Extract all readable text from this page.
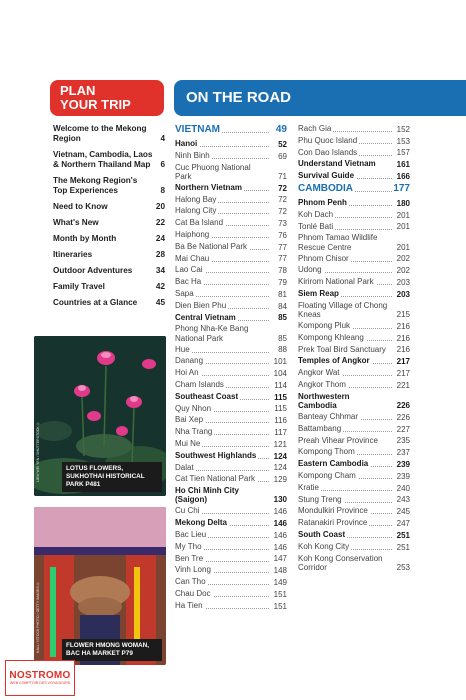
PLAN
YOUR TRIP	ON THE ROAD
Welcome to the Mekong Region	4
Vietnam, Cambodia, Laos & Northern Thailand Map	6
The Mekong Region's Top Experiences	8
Need to Know	20
What's New	22
Month by Month	24
Itineraries	28
Outdoor Adventures	34
Family Travel	42
Countries at a Glance	45
LIEW WEI YEN / SHUTTERSTOCK ©	LOTUS FLOWERS, SUKHOTHAI HISTORICAL PARK P481
KALL / ISTOCK PHOTO / GETTY IMAGES ©	FLOWER HMONG WOMAN, BAC HA MARKET P79
VIETNAM	49
Hanoi	52
Ninh Binh	69
Cuc Phuong National Park	71
Northern Vietnam	72
Halong Bay	72
Halong City	72
Cat Ba Island	73
Haiphong	76
Ba Be National Park	77
Mai Chau	77
Lao Cai	78
Bac Ha	79
Sapa	81
Dien Bien Phu	84
Central Vietnam	85
Phong Nha-Ke Bang National Park	85
Hue	88
Danang	101
Hoi An	104
Cham Islands	114
Southeast Coast	115
Quy Nhon	115
Bai Xep	116
Nha Trang	117
Mui Ne	121
Southwest Highlands	124
Dalat	124
Cat Tien National Park	129
Ho Chi Minh City (Saigon)	130
Cu Chi	146
Mekong Delta	146
Bac Lieu	146
My Tho	146
Ben Tre	147
Vinh Long	148
Can Tho	149
Chau Doc	151
Ha Tien	151
Rach Gia	152
Phu Quoc Island	153
Con Dao Islands	157
Understand Vietnam	161
Survival Guide	166
CAMBODIA	177
Phnom Penh	180
Koh Dach	201
Tonlé Bati	201
Phnom Tamao Wildlife Rescue Centre	201
Phnom Chisor	202
Udong	202
Kirirom National Park	203
Siem Reap	203
Floating Village of Chong Kneas	215
Kompong Pluk	216
Kompong Khleang	216
Prek Toal Bird Sanctuary	216
Temples of Angkor	217
Angkor Wat	217
Angkor Thom	221
Northwestern Cambodia	226
Banteay Chhmar	226
Battambang	227
Preah Vihear Province	235
Kompong Thom	237
Eastern Cambodia	239
Kompong Cham	239
Kratie	240
Stung Treng	243
Mondulkiri Province	245
Ratanakiri Province	247
South Coast	251
Koh Kong City	251
Koh Kong Conservation Corridor	253
NOSTROMO
WEB COMPTOIR DES VOYAGEURS
